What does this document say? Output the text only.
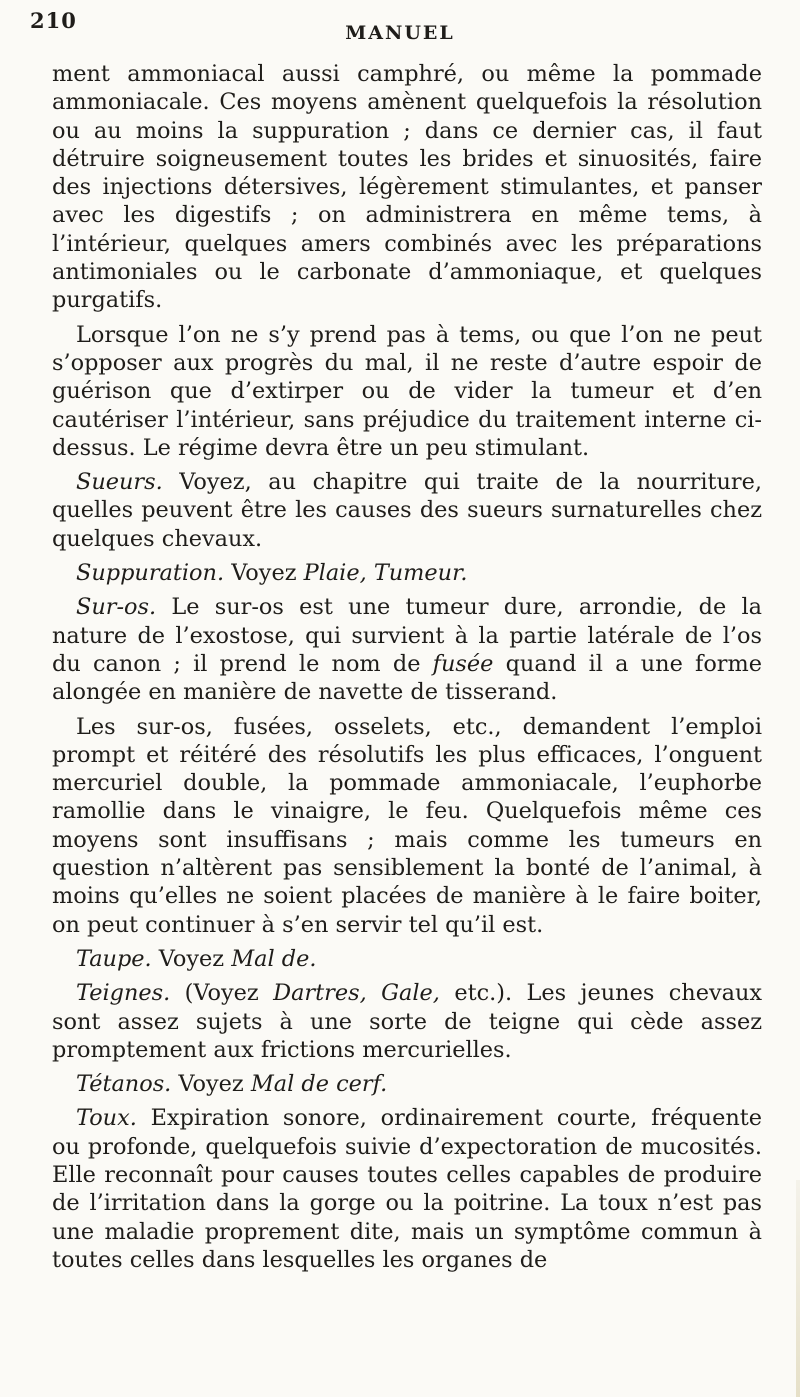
210	MANUEL

ment ammoniacal aussi camphré, ou même la pommade ammoniacale. Ces moyens amènent quelquefois la résolution ou au moins la suppuration ; dans ce dernier cas, il faut détruire soigneusement toutes les brides et sinuosités, faire des injections détersives, légèrement stimulantes, et panser avec les digestifs ; on administrera en même tems, à l’intérieur, quelques amers combinés avec les préparations antimoniales ou le carbonate d’ammoniaque, et quelques purgatifs.

Lorsque l’on ne s’y prend pas à tems, ou que l’on ne peut s’opposer aux progrès du mal, il ne reste d’autre espoir de guérison que d’extirper ou de vider la tumeur et d’en cautériser l’intérieur, sans préjudice du traitement interne ci-dessus. Le régime devra être un peu stimulant.

Sueurs. Voyez, au chapitre qui traite de la nourriture, quelles peuvent être les causes des sueurs surnaturelles chez quelques chevaux.

Suppuration. Voyez Plaie, Tumeur.

Sur-os. Le sur-os est une tumeur dure, arrondie, de la nature de l’exostose, qui survient à la partie latérale de l’os du canon ; il prend le nom de fusée quand il a une forme alongée en manière de navette de tisserand.

Les sur-os, fusées, osselets, etc., demandent l’emploi prompt et réitéré des résolutifs les plus efficaces, l’onguent mercuriel double, la pommade ammoniacale, l’euphorbe ramollie dans le vinaigre, le feu. Quelquefois même ces moyens sont insuffisans ; mais comme les tumeurs en question n’altèrent pas sensiblement la bonté de l’animal, à moins qu’elles ne soient placées de manière à le faire boiter, on peut continuer à s’en servir tel qu’il est.

Taupe. Voyez Mal de.

Teignes. (Voyez Dartres, Gale, etc.). Les jeunes chevaux sont assez sujets à une sorte de teigne qui cède assez promptement aux frictions mercurielles.

Tétanos. Voyez Mal de cerf.

Toux. Expiration sonore, ordinairement courte, fréquente ou profonde, quelquefois suivie d’expectoration de mucosités. Elle reconnaît pour causes toutes celles capables de produire de l’irritation dans la gorge ou la poitrine. La toux n’est pas une maladie proprement dite, mais un symptôme commun à toutes celles dans lesquelles les organes de
